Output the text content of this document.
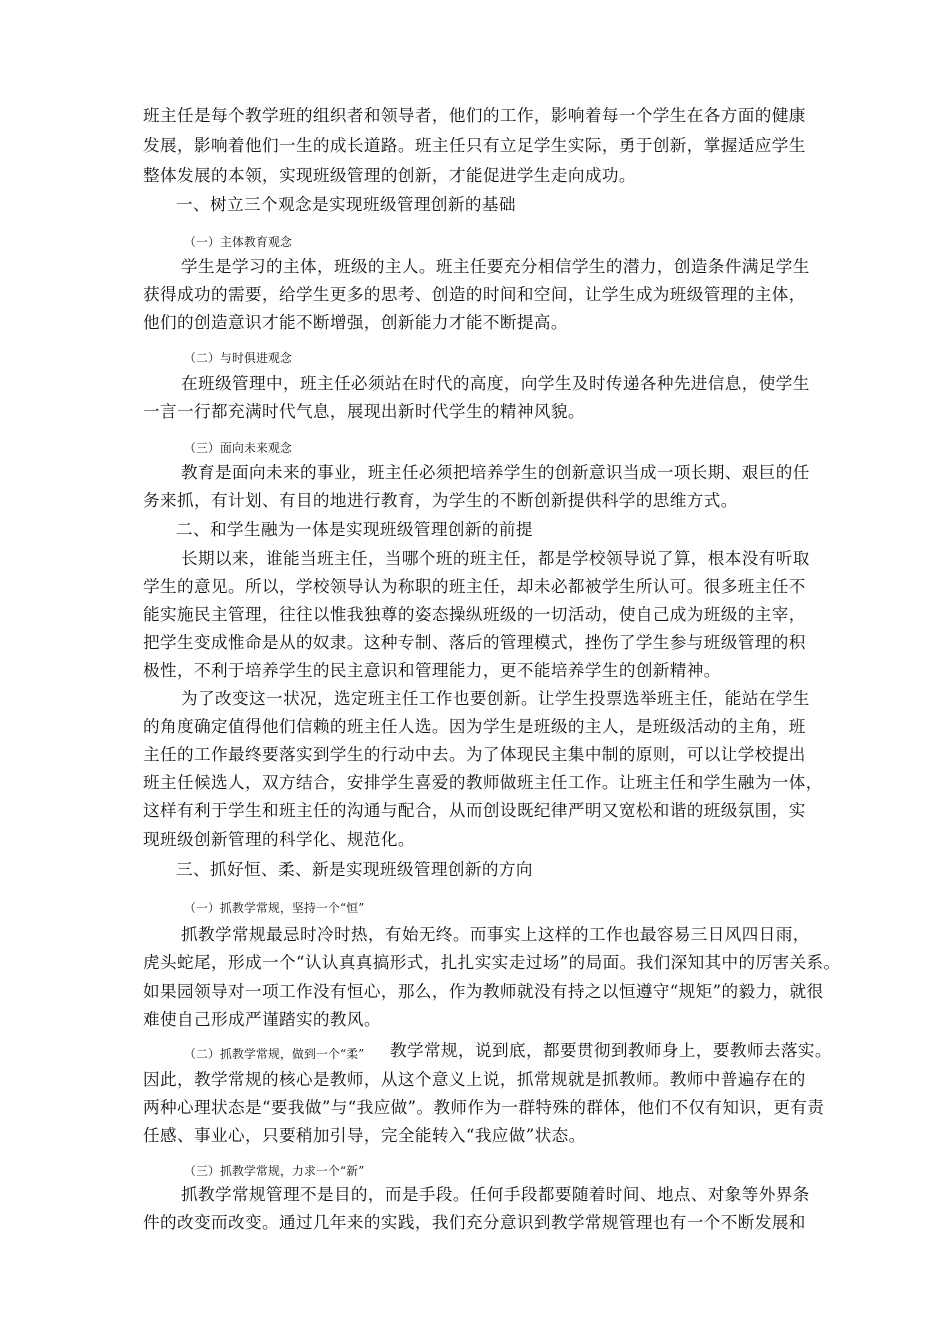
班主任是每个教学班的组织者和领导者，他们的工作，影响着每一个学生在各方面的健康
发展，影响着他们一生的成长道路。班主任只有立足学生实际，勇于创新，掌握适应学生
整体发展的本领，实现班级管理的创新，才能促进学生走向成功。
一、树立三个观念是实现班级管理创新的基础
（一）主体教育观念
学生是学习的主体，班级的主人。班主任要充分相信学生的潜力，创造条件满足学生
获得成功的需要，给学生更多的思考、创造的时间和空间，让学生成为班级管理的主体，
他们的创造意识才能不断增强，创新能力才能不断提高。
（二）与时俱进观念
在班级管理中，班主任必须站在时代的高度，向学生及时传递各种先进信息，使学生
一言一行都充满时代气息，展现出新时代学生的精神风貌。
（三）面向未来观念
教育是面向未来的事业，班主任必须把培养学生的创新意识当成一项长期、艰巨的任
务来抓，有计划、有目的地进行教育，为学生的不断创新提供科学的思维方式。
二、和学生融为一体是实现班级管理创新的前提
长期以来，谁能当班主任，当哪个班的班主任，都是学校领导说了算，根本没有听取
学生的意见。所以，学校领导认为称职的班主任，却未必都被学生所认可。很多班主任不
能实施民主管理，往往以惟我独尊的姿态操纵班级的一切活动，使自己成为班级的主宰，
把学生变成惟命是从的奴隶。这种专制、落后的管理模式，挫伤了学生参与班级管理的积
极性，不利于培养学生的民主意识和管理能力，更不能培养学生的创新精神。
为了改变这一状况，选定班主任工作也要创新。让学生投票选举班主任，能站在学生
的角度确定值得他们信赖的班主任人选。因为学生是班级的主人，是班级活动的主角，班
主任的工作最终要落实到学生的行动中去。为了体现民主集中制的原则，可以让学校提出
班主任候选人，双方结合，安排学生喜爱的教师做班主任工作。让班主任和学生融为一体，
这样有利于学生和班主任的沟通与配合，从而创设既纪律严明又宽松和谐的班级氛围，实
现班级创新管理的科学化、规范化。
三、抓好恒、柔、新是实现班级管理创新的方向
（一）抓教学常规，坚持一个“恒”
抓教学常规最忌时冷时热，有始无终。而事实上这样的工作也最容易三日风四日雨，
虎头蛇尾，形成一个“认认真真搞形式，扎扎实实走过场”的局面。我们深知其中的厉害关系。
如果园领导对一项工作没有恒心，那么，作为教师就没有持之以恒遵守“规矩”的毅力，就很
难使自己形成严谨踏实的教风。
（二）抓教学常规，做到一个“柔” 教学常规，说到底，都要贯彻到教师身上，要教师去落实。
因此，教学常规的核心是教师，从这个意义上说，抓常规就是抓教师。教师中普遍存在的
两种心理状态是“要我做”与“我应做”。教师作为一群特殊的群体，他们不仅有知识，更有责
任感、事业心，只要稍加引导，完全能转入“我应做”状态。
（三）抓教学常规，力求一个“新”
抓教学常规管理不是目的，而是手段。任何手段都要随着时间、地点、对象等外界条
件的改变而改变。通过几年来的实践，我们充分意识到教学常规管理也有一个不断发展和
